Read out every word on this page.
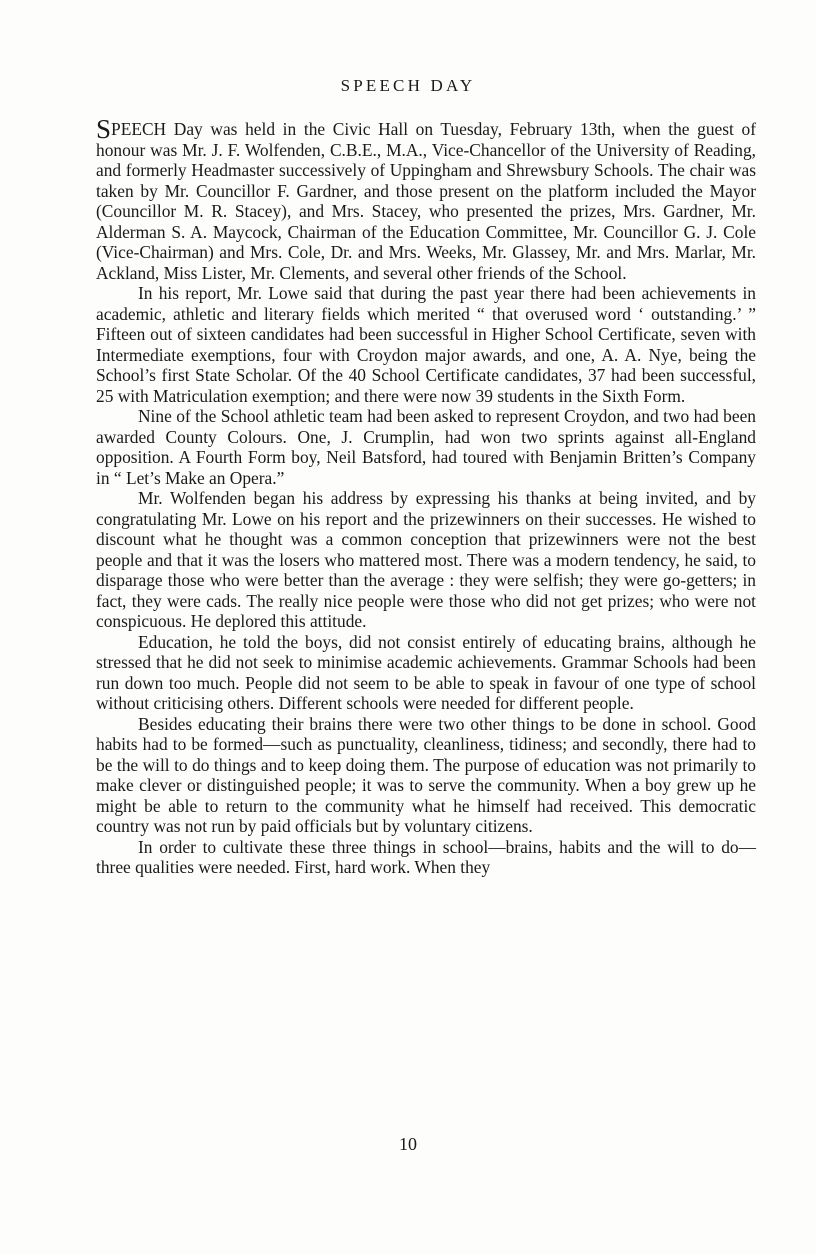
SPEECH DAY

SPEECH Day was held in the Civic Hall on Tuesday, February 13th, when the guest of honour was Mr. J. F. Wolfenden, C.B.E., M.A., Vice-Chancellor of the University of Reading, and formerly Headmaster successively of Uppingham and Shrewsbury Schools. The chair was taken by Mr. Councillor F. Gardner, and those present on the platform included the Mayor (Councillor M. R. Stacey), and Mrs. Stacey, who presented the prizes, Mrs. Gardner, Mr. Alderman S. A. Maycock, Chairman of the Education Committee, Mr. Councillor G. J. Cole (Vice-Chairman) and Mrs. Cole, Dr. and Mrs. Weeks, Mr. Glassey, Mr. and Mrs. Marlar, Mr. Ackland, Miss Lister, Mr. Clements, and several other friends of the School.

In his report, Mr. Lowe said that during the past year there had been achievements in academic, athletic and literary fields which merited “ that overused word ‘ outstanding.’ ” Fifteen out of sixteen candidates had been successful in Higher School Certificate, seven with Intermediate exemptions, four with Croydon major awards, and one, A. A. Nye, being the School’s first State Scholar. Of the 40 School Certificate candidates, 37 had been successful, 25 with Matriculation exemption; and there were now 39 students in the Sixth Form.

Nine of the School athletic team had been asked to represent Croydon, and two had been awarded County Colours. One, J. Crumplin, had won two sprints against all-England opposition. A Fourth Form boy, Neil Batsford, had toured with Benjamin Britten’s Company in “ Let’s Make an Opera.”

Mr. Wolfenden began his address by expressing his thanks at being invited, and by congratulating Mr. Lowe on his report and the prizewinners on their successes. He wished to discount what he thought was a common conception that prizewinners were not the best people and that it was the losers who mattered most. There was a modern tendency, he said, to disparage those who were better than the average : they were selfish; they were go-getters; in fact, they were cads. The really nice people were those who did not get prizes; who were not conspicuous. He deplored this attitude.

Education, he told the boys, did not consist entirely of educating brains, although he stressed that he did not seek to minimise academic achievements. Grammar Schools had been run down too much. People did not seem to be able to speak in favour of one type of school without criticising others. Different schools were needed for different people.

Besides educating their brains there were two other things to be done in school. Good habits had to be formed—such as punctuality, cleanliness, tidiness; and secondly, there had to be the will to do things and to keep doing them. The purpose of education was not primarily to make clever or distinguished people; it was to serve the community. When a boy grew up he might be able to return to the community what he himself had received. This democratic country was not run by paid officials but by voluntary citizens.

In order to cultivate these three things in school—brains, habits and the will to do—three qualities were needed. First, hard work. When they

10
